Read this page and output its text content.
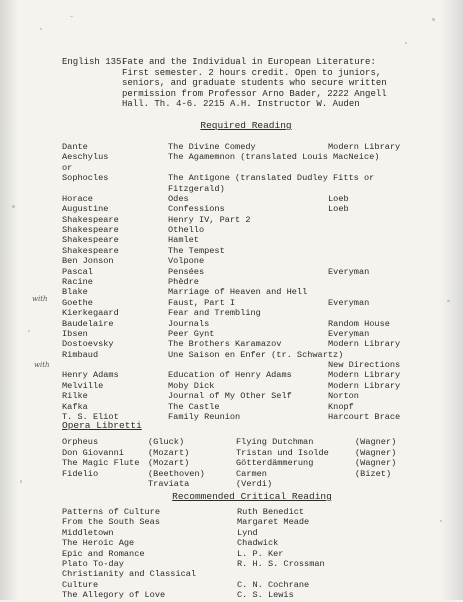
English 135.
Fate and the Individual in European Literature:
First semester. 2 hours credit. Open to juniors,
seniors, and graduate students who secure written
permission from Professor Arno Bader, 2222 Angell
Hall. Th. 4-6. 2215 A.H. Instructor W. Auden
Required Reading
Dante	The Divine Comedy	Modern Library
Aeschylus	The Agamemnon (translated Louis MacNeice)
or
Sophocles	The Antigone (translated Dudley Fitts or
Fitzgerald)
Horace	Odes	Loeb
Augustine	Confessions	Loeb
Shakespeare	Henry IV, Part 2
Shakespeare	Othello
Shakespeare	Hamlet
Shakespeare	The Tempest
Ben Jonson	Volpone
Pascal	Pensées	Everyman
Racine	Phèdre
Blake	Marriage of Heaven and Hell
Goethe	Faust, Part I	Everyman
Kierkegaard	Fear and Trembling
Baudelaire	Journals	Random House
Ibsen	Peer Gynt	Everyman
Dostoevsky	The Brothers Karamazov	Modern Library
Rimbaud	Une Saison en Enfer (tr. Schwartz)
New Directions
Henry Adams	Education of Henry Adams	Modern Library
Melville	Moby Dick	Modern Library
Rilke	Journal of My Other Self	Norton
Kafka	The Castle	Knopf
T. S. Eliot	Family Reunion	Harcourt Brace
with
with
Opera Libretti
Orpheus	(Gluck)	Flying Dutchman	(Wagner)
Don Giovanni	(Mozart)	Tristan und Isolde	(Wagner)
The Magic Flute (Mozart)	Götterdämmerung	(Wagner)
Fidelio	(Beethoven)	Carmen	(Bizet)
Traviata	(Verdi)
Recommended Critical Reading
Patterns of Culture	Ruth Benedict
From the South Seas	Margaret Meade
Middletown	Lynd
The Heroic Age	Chadwick
Epic and Romance	L. P. Ker
Plato To-day	R. H. S. Crossman
Christianity and Classical
Culture	C. N. Cochrane
The Allegory of Love	C. S. Lewis
